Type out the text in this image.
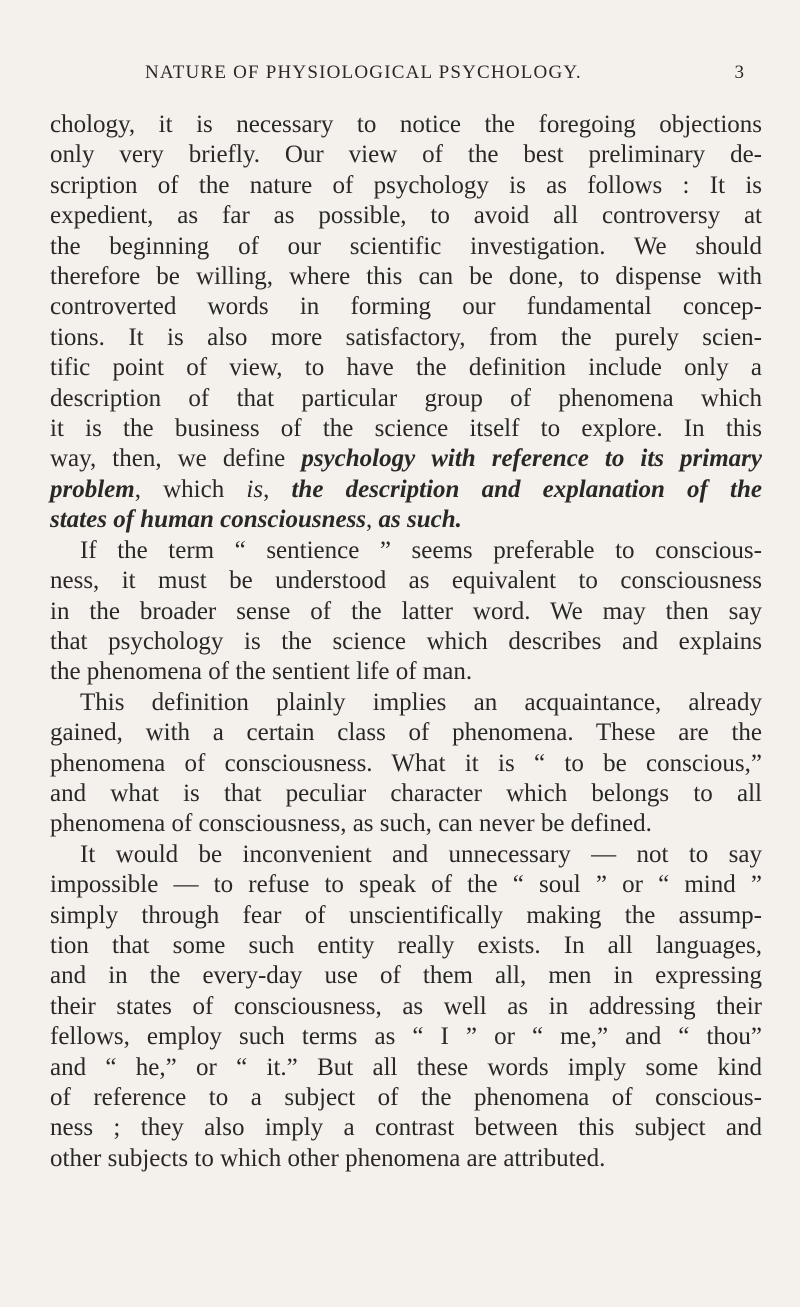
NATURE OF PHYSIOLOGICAL PSYCHOLOGY.	3
chology, it is necessary to notice the foregoing objections
only very briefly. Our view of the best preliminary de-
scription of the nature of psychology is as follows : It is
expedient, as far as possible, to avoid all controversy at
the beginning of our scientific investigation. We should
therefore be willing, where this can be done, to dispense with
controverted words in forming our fundamental concep-
tions. It is also more satisfactory, from the purely scien-
tific point of view, to have the definition include only a
description of that particular group of phenomena which
it is the business of the science itself to explore. In this
way, then, we define psychology with reference to its primary
problem, which is, the description and explanation of the
states of human consciousness, as such.
If the term “ sentience ” seems preferable to conscious-
ness, it must be understood as equivalent to consciousness
in the broader sense of the latter word. We may then say
that psychology is the science which describes and explains
the phenomena of the sentient life of man.
This definition plainly implies an acquaintance, already
gained, with a certain class of phenomena. These are the
phenomena of consciousness. What it is “ to be conscious,”
and what is that peculiar character which belongs to all
phenomena of consciousness, as such, can never be defined.
It would be inconvenient and unnecessary — not to say
impossible — to refuse to speak of the “ soul ” or “ mind ”
simply through fear of unscientifically making the assump-
tion that some such entity really exists. In all languages,
and in the every-day use of them all, men in expressing
their states of consciousness, as well as in addressing their
fellows, employ such terms as “ I ” or “ me,” and “ thou”
and “ he,” or “ it.” But all these words imply some kind
of reference to a subject of the phenomena of conscious-
ness ; they also imply a contrast between this subject and
other subjects to which other phenomena are attributed.
